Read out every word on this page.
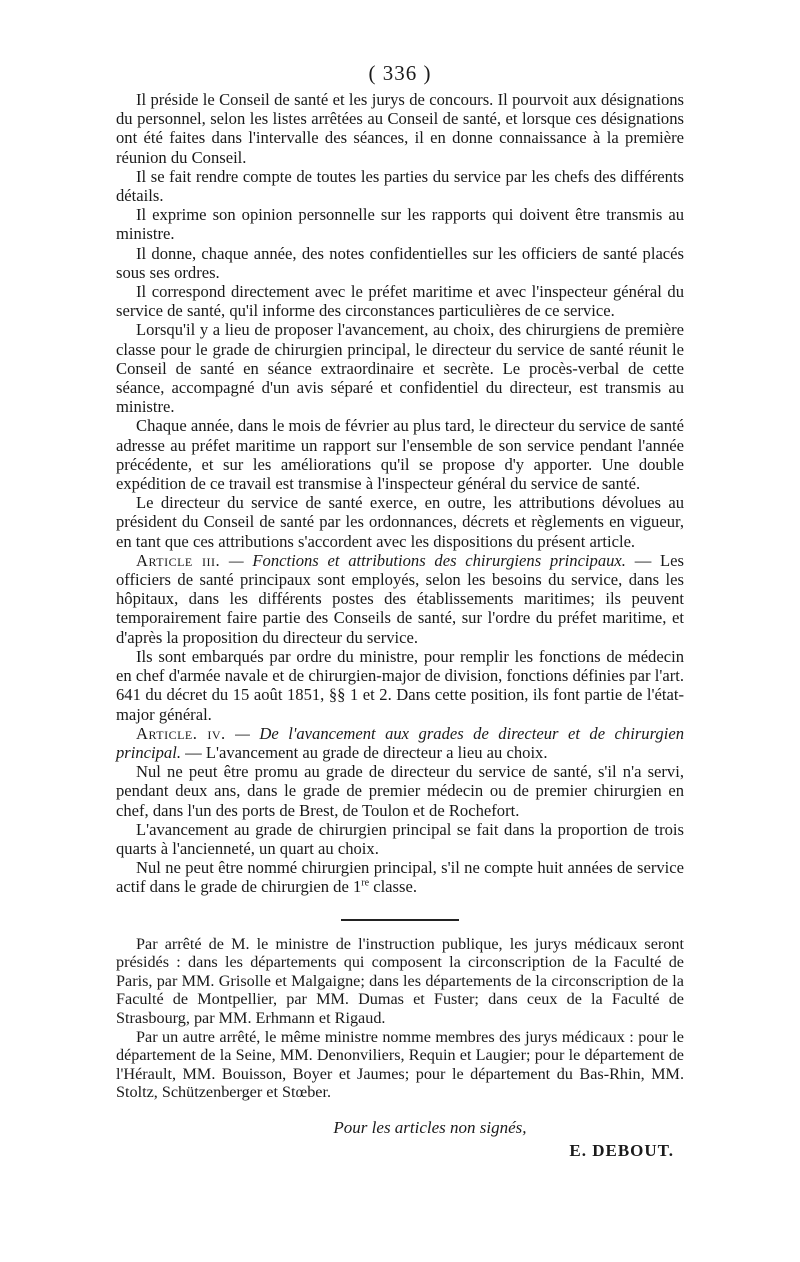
( 336 )

Il préside le Conseil de santé et les jurys de concours. Il pourvoit aux désignations du personnel, selon les listes arrêtées au Conseil de santé, et lorsque ces désignations ont été faites dans l'intervalle des séances, il en donne connaissance à la première réunion du Conseil.

Il se fait rendre compte de toutes les parties du service par les chefs des différents détails.

Il exprime son opinion personnelle sur les rapports qui doivent être transmis au ministre.

Il donne, chaque année, des notes confidentielles sur les officiers de santé placés sous ses ordres.

Il correspond directement avec le préfet maritime et avec l'inspecteur général du service de santé, qu'il informe des circonstances particulières de ce service.

Lorsqu'il y a lieu de proposer l'avancement, au choix, des chirurgiens de première classe pour le grade de chirurgien principal, le directeur du service de santé réunit le Conseil de santé en séance extraordinaire et secrète. Le procès-verbal de cette séance, accompagné d'un avis séparé et confidentiel du directeur, est transmis au ministre.

Chaque année, dans le mois de février au plus tard, le directeur du service de santé adresse au préfet maritime un rapport sur l'ensemble de son service pendant l'année précédente, et sur les améliorations qu'il se propose d'y apporter. Une double expédition de ce travail est transmise à l'inspecteur général du service de santé.

Le directeur du service de santé exerce, en outre, les attributions dévolues au président du Conseil de santé par les ordonnances, décrets et règlements en vigueur, en tant que ces attributions s'accordent avec les dispositions du présent article.

Article iii. — Fonctions et attributions des chirurgiens principaux. — Les officiers de santé principaux sont employés, selon les besoins du service, dans les hôpitaux, dans les différents postes des établissements maritimes; ils peuvent temporairement faire partie des Conseils de santé, sur l'ordre du préfet maritime, et d'après la proposition du directeur du service.

Ils sont embarqués par ordre du ministre, pour remplir les fonctions de médecin en chef d'armée navale et de chirurgien-major de division, fonctions définies par l'art. 641 du décret du 15 août 1851, §§ 1 et 2. Dans cette position, ils font partie de l'état-major général.

Article. iv. — De l'avancement aux grades de directeur et de chirurgien principal. — L'avancement au grade de directeur a lieu au choix.

Nul ne peut être promu au grade de directeur du service de santé, s'il n'a servi, pendant deux ans, dans le grade de premier médecin ou de premier chirurgien en chef, dans l'un des ports de Brest, de Toulon et de Rochefort.

L'avancement au grade de chirurgien principal se fait dans la proportion de trois quarts à l'ancienneté, un quart au choix.

Nul ne peut être nommé chirurgien principal, s'il ne compte huit années de service actif dans le grade de chirurgien de 1re classe.

Par arrêté de M. le ministre de l'instruction publique, les jurys médicaux seront présidés : dans les départements qui composent la circonscription de la Faculté de Paris, par MM. Grisolle et Malgaigne; dans les départements de la circonscription de la Faculté de Montpellier, par MM. Dumas et Fuster; dans ceux de la Faculté de Strasbourg, par MM. Erhmann et Rigaud.

Par un autre arrêté, le même ministre nomme membres des jurys médicaux : pour le département de la Seine, MM. Denonviliers, Requin et Laugier; pour le département de l'Hérault, MM. Bouisson, Boyer et Jaumes; pour le département du Bas-Rhin, MM. Stoltz, Schützenberger et Stœber.

Pour les articles non signés,
E. DEBOUT.
